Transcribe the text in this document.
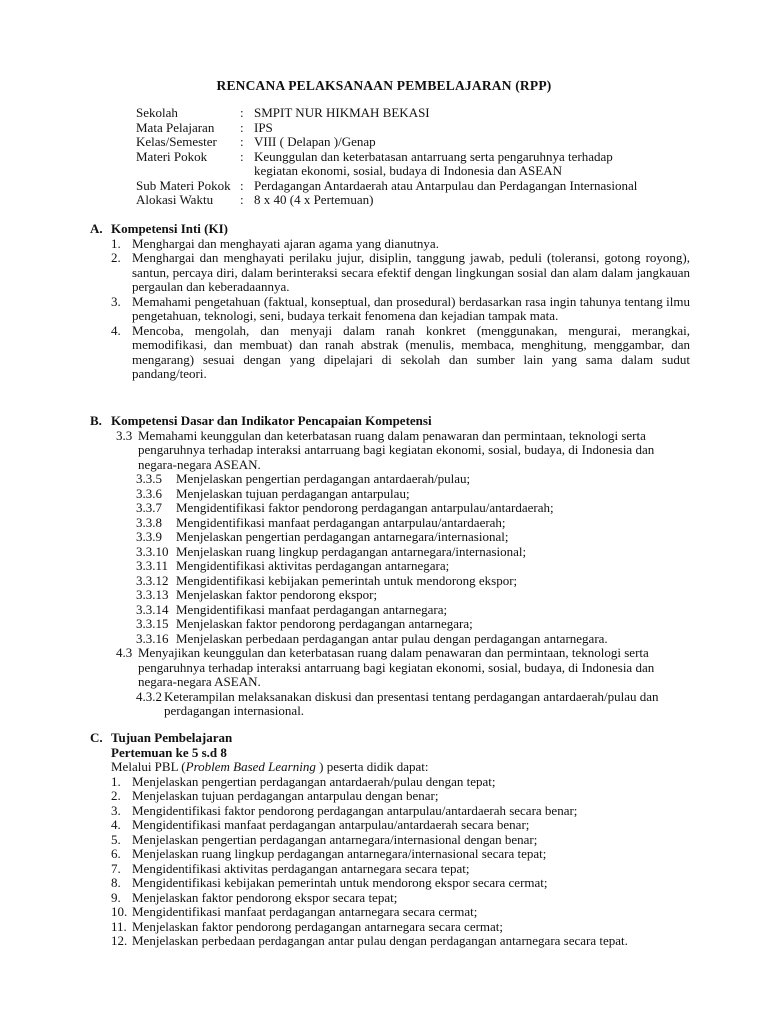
RENCANA PELAKSANAAN PEMBELAJARAN (RPP)
Sekolah	: SMPIT NUR HIKMAH BEKASI
Mata Pelajaran	: IPS
Kelas/Semester	: VIII ( Delapan )/Genap
Materi Pokok	: Keunggulan dan keterbatasan antarruang serta pengaruhnya terhadap kegiatan ekonomi, sosial, budaya di Indonesia dan ASEAN
Sub Materi Pokok : Perdagangan Antardaerah atau Antarpulau dan Perdagangan Internasional
Alokasi Waktu	: 8 x 40 (4 x Pertemuan)
A. Kompetensi Inti (KI)
1. Menghargai dan menghayati ajaran agama yang dianutnya.
2. Menghargai dan menghayati perilaku jujur, disiplin, tanggung jawab, peduli (toleransi, gotong royong), santun, percaya diri, dalam berinteraksi secara efektif dengan lingkungan sosial dan alam dalam jangkauan pergaulan dan keberadaannya.
3. Memahami pengetahuan (faktual, konseptual, dan prosedural) berdasarkan rasa ingin tahunya tentang ilmu pengetahuan, teknologi, seni, budaya terkait fenomena dan kejadian tampak mata.
4. Mencoba, mengolah, dan menyaji dalam ranah konkret (menggunakan, mengurai, merangkai, memodifikasi, dan membuat) dan ranah abstrak (menulis, membaca, menghitung, menggambar, dan mengarang) sesuai dengan yang dipelajari di sekolah dan sumber lain yang sama dalam sudut pandang/teori.
B. Kompetensi Dasar dan Indikator Pencapaian Kompetensi
3.3 Memahami keunggulan dan keterbatasan ruang dalam penawaran dan permintaan, teknologi serta pengaruhnya terhadap interaksi antarruang bagi kegiatan ekonomi, sosial, budaya, di Indonesia dan negara-negara ASEAN.
3.3.5	Menjelaskan pengertian perdagangan antardaerah/pulau;
3.3.6	Menjelaskan tujuan perdagangan antarpulau;
3.3.7	Mengidentifikasi faktor pendorong perdagangan antarpulau/antardaerah;
3.3.8	Mengidentifikasi manfaat perdagangan antarpulau/antardaerah;
3.3.9	Menjelaskan pengertian perdagangan antarnegara/internasional;
3.3.10 Menjelaskan ruang lingkup perdagangan antarnegara/internasional;
3.3.11 Mengidentifikasi aktivitas perdagangan antarnegara;
3.3.12 Mengidentifikasi kebijakan pemerintah untuk mendorong ekspor;
3.3.13 Menjelaskan faktor pendorong ekspor;
3.3.14 Mengidentifikasi manfaat perdagangan antarnegara;
3.3.15 Menjelaskan faktor pendorong perdagangan antarnegara;
3.3.16 Menjelaskan perbedaan perdagangan antar pulau dengan perdagangan antarnegara.
4.3 Menyajikan keunggulan dan keterbatasan ruang dalam penawaran dan permintaan, teknologi serta pengaruhnya terhadap interaksi antarruang bagi kegiatan ekonomi, sosial, budaya, di Indonesia dan negara-negara ASEAN.
4.3.2 Keterampilan melaksanakan diskusi dan presentasi tentang perdagangan antardaerah/pulau dan perdagangan internasional.
C. Tujuan Pembelajaran
Pertemuan ke 5 s.d 8
Melalui PBL (Problem Based Learning ) peserta didik dapat:
1. Menjelaskan pengertian perdagangan antardaerah/pulau dengan tepat;
2. Menjelaskan tujuan perdagangan antarpulau dengan benar;
3. Mengidentifikasi faktor pendorong perdagangan antarpulau/antardaerah secara benar;
4. Mengidentifikasi manfaat perdagangan antarpulau/antardaerah secara benar;
5. Menjelaskan pengertian perdagangan antarnegara/internasional dengan benar;
6. Menjelaskan ruang lingkup perdagangan antarnegara/internasional secara tepat;
7. Mengidentifikasi aktivitas perdagangan antarnegara secara tepat;
8. Mengidentifikasi kebijakan pemerintah untuk mendorong ekspor secara cermat;
9. Menjelaskan faktor pendorong ekspor secara tepat;
10. Mengidentifikasi manfaat perdagangan antarnegara secara cermat;
11. Menjelaskan faktor pendorong perdagangan antarnegara secara cermat;
12. Menjelaskan perbedaan perdagangan antar pulau dengan perdagangan antarnegara secara tepat.
